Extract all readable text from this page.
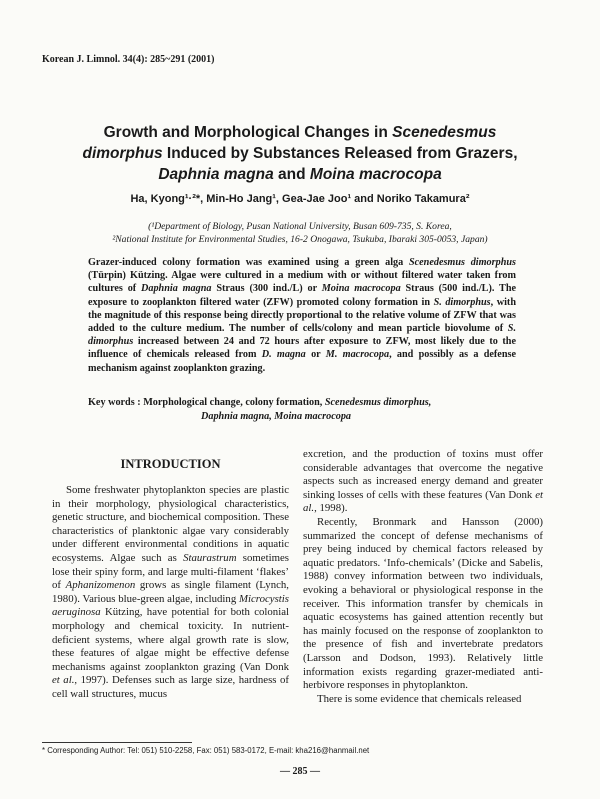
Korean J. Limnol. 34(4): 285~291 (2001)
Growth and Morphological Changes in Scenedesmus
dimorphus Induced by Substances Released from Grazers,
Daphnia magna and Moina macrocopa
Ha, Kyong¹·²*, Min-Ho Jang¹, Gea-Jae Joo¹ and Noriko Takamura²
(¹Department of Biology, Pusan National University, Busan 609-735, S. Korea,
²National Institute for Environmental Studies, 16-2 Onogawa, Tsukuba, Ibaraki 305-0053, Japan)
Grazer-induced colony formation was examined using a green alga Scenedesmus dimorphus (Türpin) Kützing. Algae were cultured in a medium with or without filtered water taken from cultures of Daphnia magna Straus (300 ind./L) or Moina macrocopa Straus (500 ind./L). The exposure to zooplankton filtered water (ZFW) promoted colony formation in S. dimorphus, with the magnitude of this response being directly proportional to the relative volume of ZFW that was added to the culture medium. The number of cells/colony and mean particle biovolume of S. dimorphus increased between 24 and 72 hours after exposure to ZFW, most likely due to the influence of chemicals released from D. magna or M. macrocopa, and possibly as a defense mechanism against zooplankton grazing.
Key words : Morphological change, colony formation, Scenedesmus dimorphus,
Daphnia magna, Moina macrocopa
INTRODUCTION

Some freshwater phytoplankton species are plastic in their morphology, physiological characteristics, genetic structure, and biochemical composition. These characteristics of planktonic algae vary considerably under different environmental conditions in aquatic ecosystems. Algae such as Staurastrum sometimes lose their spiny form, and large multi-filament ‘flakes’ of Aphanizomenon grows as single filament (Lynch, 1980). Various blue-green algae, including Microcystis aeruginosa Kützing, have potential for both colonial morphology and chemical toxicity. In nutrient-deficient systems, where algal growth rate is slow, these features of algae might be effective defense mechanisms against zooplankton grazing (Van Donk et al., 1997). Defenses such as large size, hardness of cell wall structures, mucus

excretion, and the production of toxins must offer considerable advantages that overcome the negative aspects such as increased energy demand and greater sinking losses of cells with these features (Van Donk et al., 1998).

Recently, Bronmark and Hansson (2000) summarized the concept of defense mechanisms of prey being induced by chemical factors released by aquatic predators. ‘Info-chemicals’ (Dicke and Sabelis, 1988) convey information between two individuals, evoking a behavioral or physiological response in the receiver. This information transfer by chemicals in aquatic ecosystems has gained attention recently but has mainly focused on the response of zooplankton to the presence of fish and invertebrate predators (Larsson and Dodson, 1993). Relatively little information exists regarding grazer-mediated anti-herbivore responses in phytoplankton.

There is some evidence that chemicals released

* Corresponding Author: Tel: 051) 510-2258, Fax: 051) 583-0172, E-mail: kha216@hanmail.net
— 285 —
